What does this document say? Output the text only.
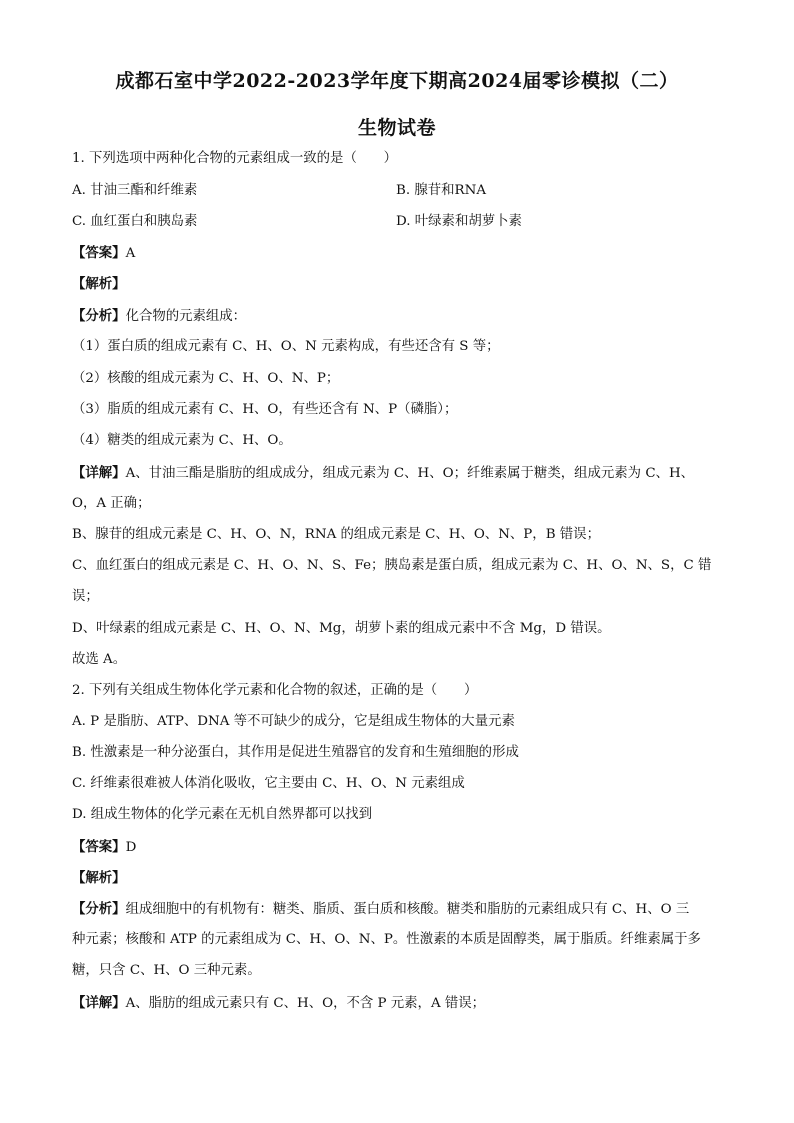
成都石室中学2022-2023学年度下期高2024届零诊模拟（二）
生物试卷
1. 下列选项中两种化合物的元素组成一致的是（　　）
A. 甘油三酯和纤维素	B. 腺苷和RNA
C. 血红蛋白和胰岛素	D. 叶绿素和胡萝卜素
【答案】A
【解析】
【分析】化合物的元素组成：
（1）蛋白质的组成元素有 C、H、O、N 元素构成，有些还含有 S 等；
（2）核酸的组成元素为 C、H、O、N、P；
（3）脂质的组成元素有 C、H、O，有些还含有 N、P（磷脂）；
（4）糖类的组成元素为 C、H、O。
【详解】A、甘油三酯是脂肪的组成成分，组成元素为 C、H、O；纤维素属于糖类，组成元素为 C、H、
O，A 正确；
B、腺苷的组成元素是 C、H、O、N，RNA 的组成元素是 C、H、O、N、P，B 错误；
C、血红蛋白的组成元素是 C、H、O、N、S、Fe；胰岛素是蛋白质，组成元素为 C、H、O、N、S，C 错
误；
D、叶绿素的组成元素是 C、H、O、N、Mg，胡萝卜素的组成元素中不含 Mg，D 错误。
故选 A。
2. 下列有关组成生物体化学元素和化合物的叙述，正确的是（　　）
A. P 是脂肪、ATP、DNA 等不可缺少的成分，它是组成生物体的大量元素
B. 性激素是一种分泌蛋白，其作用是促进生殖器官的发育和生殖细胞的形成
C. 纤维素很难被人体消化吸收，它主要由 C、H、O、N 元素组成
D. 组成生物体的化学元素在无机自然界都可以找到
【答案】D
【解析】
【分析】组成细胞中的有机物有：糖类、脂质、蛋白质和核酸。糖类和脂肪的元素组成只有 C、H、O 三
种元素；核酸和 ATP 的元素组成为 C、H、O、N、P。性激素的本质是固醇类，属于脂质。纤维素属于多
糖，只含 C、H、O 三种元素。
【详解】A、脂肪的组成元素只有 C、H、O，不含 P 元素，A 错误；
